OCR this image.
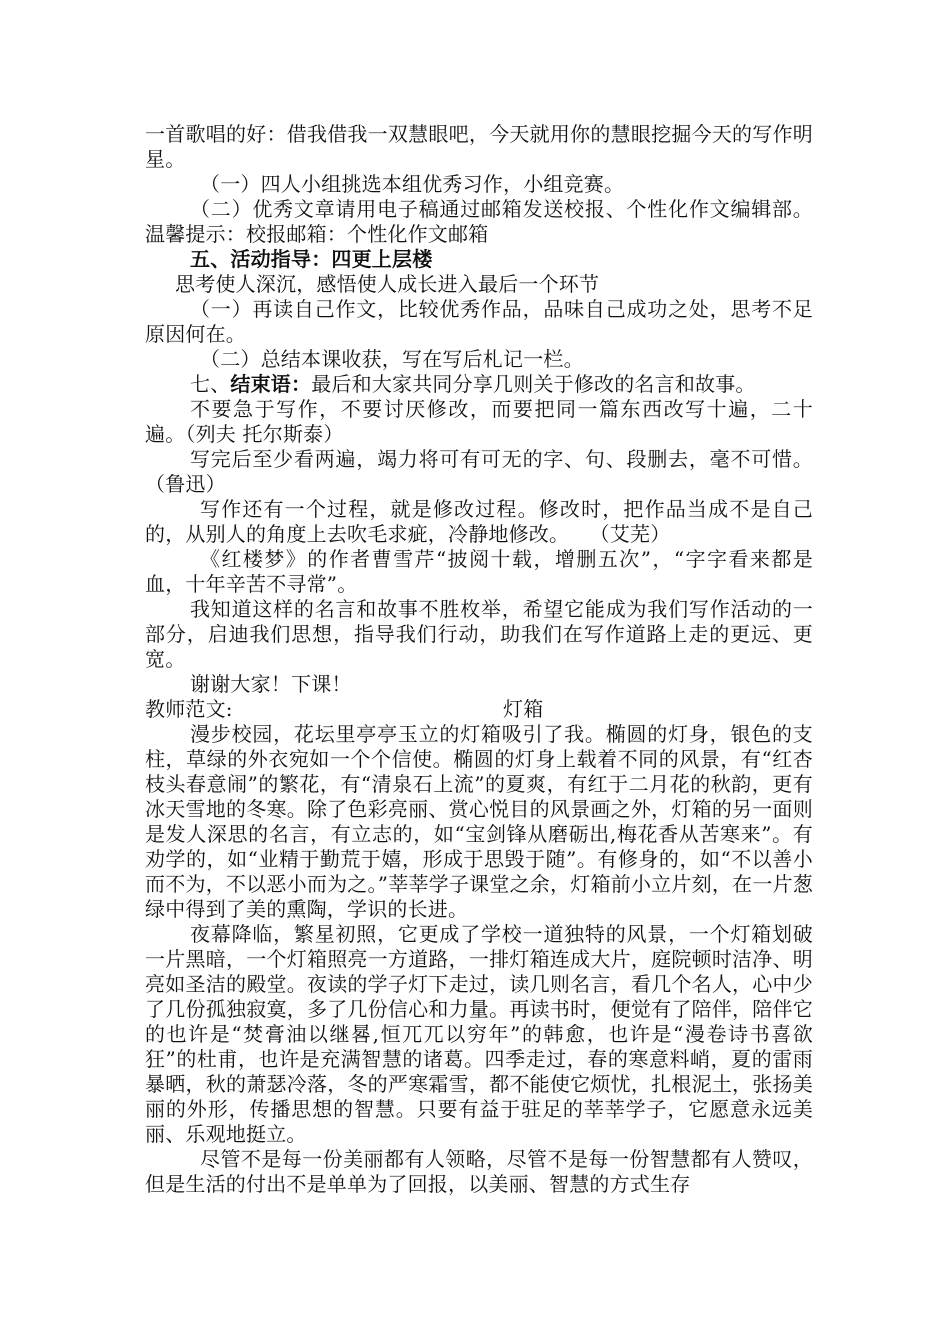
一首歌唱的好：借我借我一双慧眼吧，今天就用你的慧眼挖掘今天的写作明星。

（一）四人小组挑选本组优秀习作，小组竞赛。

（二）优秀文章请用电子稿通过邮箱发送校报、个性化作文编辑部。 温馨提示：校报邮箱：个性化作文邮箱

五、活动指导：四更上层楼

思考使人深沉，感悟使人成长进入最后一个环节

（一）再读自己作文，比较优秀作品，品味自己成功之处，思考不足原因何在。

（二）总结本课收获，写在写后札记一栏。

七、结束语：最后和大家共同分享几则关于修改的名言和故事。

不要急于写作，不要讨厌修改，而要把同一篇东西改写十遍，二十遍。（列夫 托尔斯泰）

写完后至少看两遍，竭力将可有可无的字、句、段删去，毫不可惜。（鲁迅）

写作还有一个过程，就是修改过程。修改时，把作品当成不是自己的，从别人的角度上去吹毛求疵，冷静地修改。　　（艾芜）

《红楼梦》的作者曹雪芹“披阅十载，增删五次”，“字字看来都是血，十年辛苦不寻常”。

我知道这样的名言和故事不胜枚举，希望它能成为我们写作活动的一部分，启迪我们思想，指导我们行动，助我们在写作道路上走的更远、更宽。

谢谢大家！下课！

教师范文:	灯箱

漫步校园，花坛里亭亭玉立的灯箱吸引了我。椭圆的灯身，银色的支柱，草绿的外衣宛如一个个信使。椭圆的灯身上载着不同的风景，有“红杏枝头春意闹”的繁花，有“清泉石上流”的夏爽，有红于二月花的秋韵，更有冰天雪地的冬寒。除了色彩亮丽、赏心悦目的风景画之外，灯箱的另一面则是发人深思的名言，有立志的，如“宝剑锋从磨砺出,梅花香从苦寒来”。有劝学的，如“业精于勤荒于嬉，形成于思毁于随”。有修身的，如“不以善小而不为，不以恶小而为之。”莘莘学子课堂之余，灯箱前小立片刻，在一片葱绿中得到了美的熏陶，学识的长进。

夜幕降临，繁星初照，它更成了学校一道独特的风景，一个灯箱划破一片黑暗，一个灯箱照亮一方道路，一排灯箱连成大片，庭院顿时洁净、明亮如圣洁的殿堂。夜读的学子灯下走过，读几则名言，看几个名人，心中少了几份孤独寂寞，多了几份信心和力量。再读书时，便觉有了陪伴，陪伴它的也许是“焚膏油以继晷,恒兀兀以穷年”的韩愈，也许是“漫卷诗书喜欲狂”的杜甫，也许是充满智慧的诸葛。四季走过，春的寒意料峭，夏的雷雨暴晒，秋的萧瑟冷落，冬的严寒霜雪，都不能使它烦忧，扎根泥土，张扬美丽的外形，传播思想的智慧。只要有益于驻足的莘莘学子，它愿意永远美丽、乐观地挺立。

尽管不是每一份美丽都有人领略，尽管不是每一份智慧都有人赞叹，但是生活的付出不是单单为了回报，以美丽、智慧的方式生存
